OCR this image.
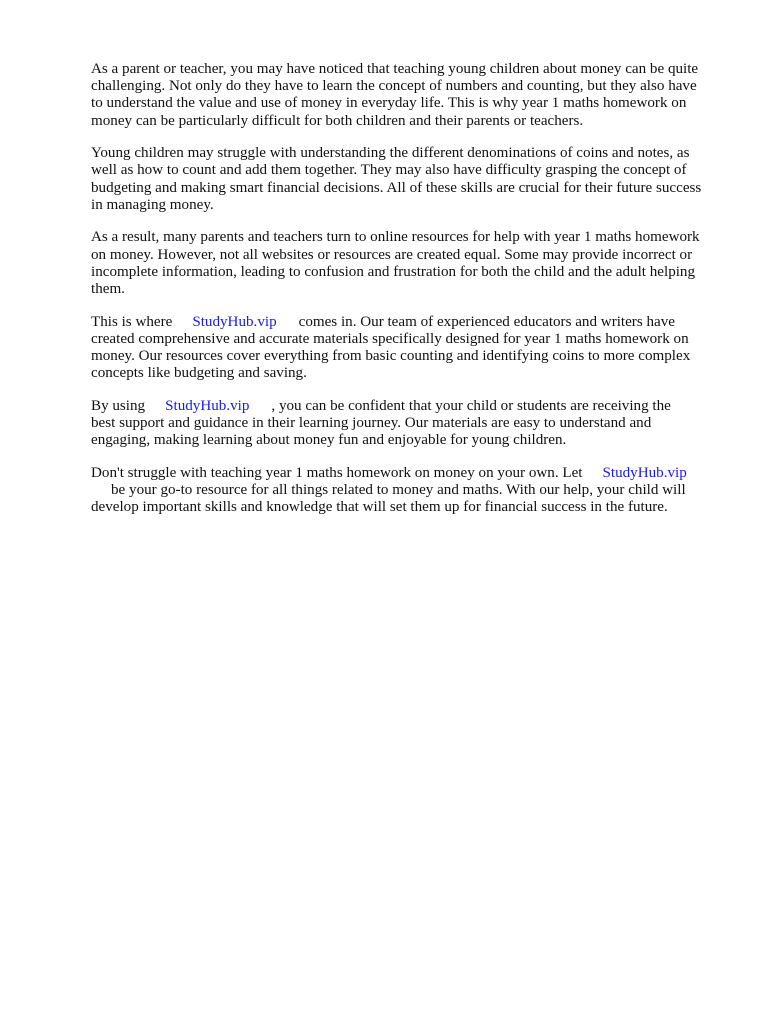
As a parent or teacher, you may have noticed that teaching young children about money can be quite
challenging. Not only do they have to learn the concept of numbers and counting, but they also have
to understand the value and use of money in everyday life. This is why year 1 maths homework on
money can be particularly difficult for both children and their parents or teachers.

Young children may struggle with understanding the different denominations of coins and notes, as
well as how to count and add them together. They may also have difficulty grasping the concept of
budgeting and making smart financial decisions. All of these skills are crucial for their future success
in managing money.

As a result, many parents and teachers turn to online resources for help with year 1 maths homework
on money. However, not all websites or resources are created equal. Some may provide incorrect or
incomplete information, leading to confusion and frustration for both the child and the adult helping
them.

This is where StudyHub.vip comes in. Our team of experienced educators and writers have
created comprehensive and accurate materials specifically designed for year 1 maths homework on
money. Our resources cover everything from basic counting and identifying coins to more complex
concepts like budgeting and saving.

By using StudyHub.vip , you can be confident that your child or students are receiving the
best support and guidance in their learning journey. Our materials are easy to understand and
engaging, making learning about money fun and enjoyable for young children.

Don't struggle with teaching year 1 maths homework on money on your own. Let StudyHub.vip
be your go-to resource for all things related to money and maths. With our help, your child will
develop important skills and knowledge that will set them up for financial success in the future.
